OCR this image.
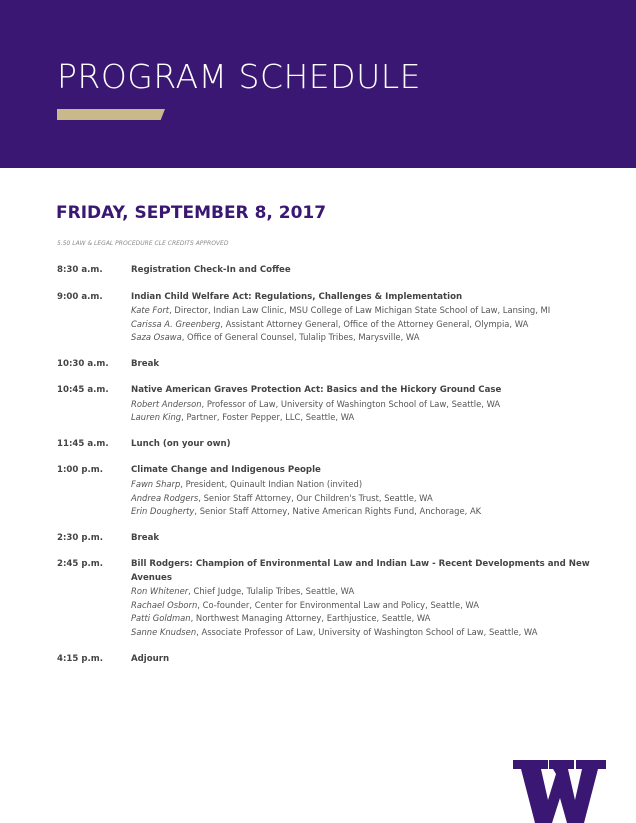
PROGRAM SCHEDULE
FRIDAY, SEPTEMBER 8, 2017
5.50 LAW & LEGAL PROCEDURE CLE CREDITS APPROVED
8:30 a.m.	Registration Check-In and Coffee
9:00 a.m.	Indian Child Welfare Act: Regulations, Challenges & Implementation
Kate Fort, Director, Indian Law Clinic, MSU College of Law Michigan State School of Law, Lansing, MI
Carissa A. Greenberg, Assistant Attorney General, Office of the Attorney General, Olympia, WA
Saza Osawa, Office of General Counsel, Tulalip Tribes, Marysville, WA
10:30 a.m.	Break
10:45 a.m.	Native American Graves Protection Act: Basics and the Hickory Ground Case
Robert Anderson, Professor of Law, University of Washington School of Law, Seattle, WA
Lauren King, Partner, Foster Pepper, LLC, Seattle, WA
11:45 a.m.	Lunch (on your own)
1:00 p.m.	Climate Change and Indigenous People
Fawn Sharp, President, Quinault Indian Nation (invited)
Andrea Rodgers, Senior Staff Attorney, Our Children's Trust, Seattle, WA
Erin Dougherty, Senior Staff Attorney, Native American Rights Fund, Anchorage, AK
2:30 p.m.	Break
2:45 p.m.	Bill Rodgers: Champion of Environmental Law and Indian Law - Recent Developments and New Avenues
Ron Whitener, Chief Judge, Tulalip Tribes, Seattle, WA
Rachael Osborn, Co-founder, Center for Environmental Law and Policy, Seattle, WA
Patti Goldman, Northwest Managing Attorney, Earthjustice, Seattle, WA
Sanne Knudsen, Associate Professor of Law, University of Washington School of Law, Seattle, WA
4:15 p.m.	Adjourn
